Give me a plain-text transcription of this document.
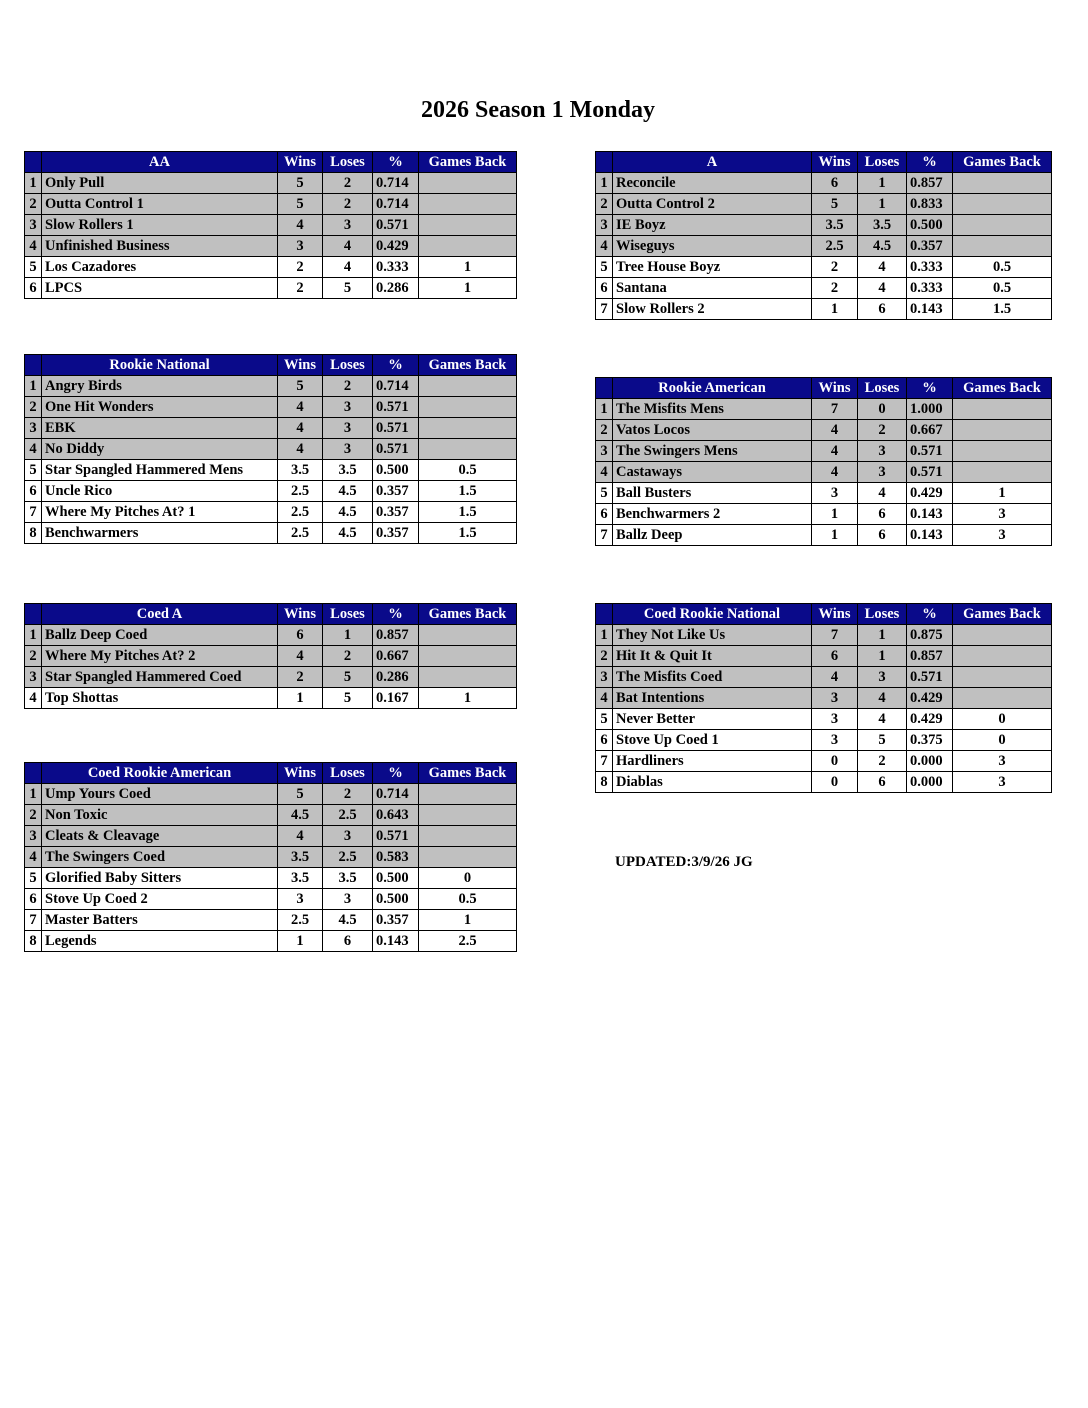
2026 Season 1 Monday
	AA	Wins	Loses	%	Games Back
1	Only Pull	5	2	0.714	
2	Outta Control 1	5	2	0.714	
3	Slow Rollers 1	4	3	0.571	
4	Unfinished Business	3	4	0.429	
5	Los Cazadores	2	4	0.333	1
6	LPCS	2	5	0.286	1
	A	Wins	Loses	%	Games Back
1	Reconcile	6	1	0.857	
2	Outta Control 2	5	1	0.833	
3	IE Boyz	3.5	3.5	0.500	
4	Wiseguys	2.5	4.5	0.357	
5	Tree House Boyz	2	4	0.333	0.5
6	Santana	2	4	0.333	0.5
7	Slow Rollers 2	1	6	0.143	1.5
	Rookie National	Wins	Loses	%	Games Back
1	Angry Birds	5	2	0.714	
2	One Hit Wonders	4	3	0.571	
3	EBK	4	3	0.571	
4	No Diddy	4	3	0.571	
5	Star Spangled Hammered Mens	3.5	3.5	0.500	0.5
6	Uncle Rico	2.5	4.5	0.357	1.5
7	Where My Pitches At? 1	2.5	4.5	0.357	1.5
8	Benchwarmers	2.5	4.5	0.357	1.5
	Rookie American	Wins	Loses	%	Games Back
1	The Misfits Mens	7	0	1.000	
2	Vatos Locos	4	2	0.667	
3	The Swingers Mens	4	3	0.571	
4	Castaways	4	3	0.571	
5	Ball Busters	3	4	0.429	1
6	Benchwarmers 2	1	6	0.143	3
7	Ballz Deep	1	6	0.143	3
	Coed A	Wins	Loses	%	Games Back
1	Ballz Deep Coed	6	1	0.857	
2	Where My Pitches At? 2	4	2	0.667	
3	Star Spangled Hammered Coed	2	5	0.286	
4	Top Shottas	1	5	0.167	1
	Coed Rookie National	Wins	Loses	%	Games Back
1	They Not Like Us	7	1	0.875	
2	Hit It & Quit It	6	1	0.857	
3	The Misfits Coed	4	3	0.571	
4	Bat Intentions	3	4	0.429	
5	Never Better	3	4	0.429	0
6	Stove Up Coed 1	3	5	0.375	0
7	Hardliners	0	2	0.000	3
8	Diablas	0	6	0.000	3
	Coed Rookie American	Wins	Loses	%	Games Back
1	Ump Yours Coed	5	2	0.714	
2	Non Toxic	4.5	2.5	0.643	
3	Cleats & Cleavage	4	3	0.571	
4	The Swingers Coed	3.5	2.5	0.583	
5	Glorified Baby Sitters	3.5	3.5	0.500	0
6	Stove Up Coed 2	3	3	0.500	0.5
7	Master Batters	2.5	4.5	0.357	1
8	Legends	1	6	0.143	2.5
UPDATED:3/9/26 JG
